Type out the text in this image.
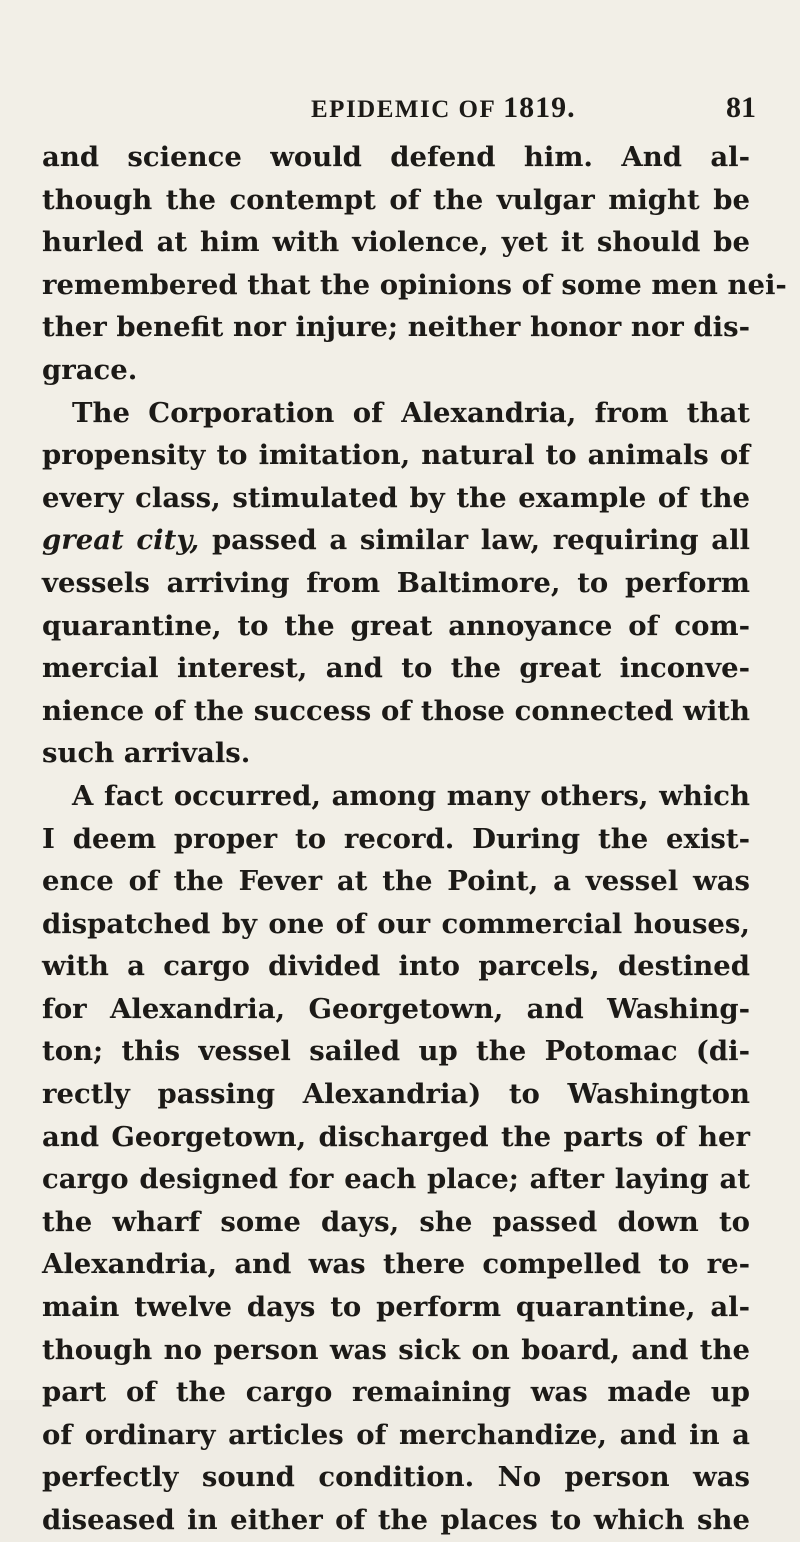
EPIDEMIC OF 1819.	81
and science would defend him. And al-
though the contempt of the vulgar might be
hurled at him with violence, yet it should be
remembered that the opinions of some men nei-
ther benefit nor injure; neither honor nor dis-
grace.
The Corporation of Alexandria, from that
propensity to imitation, natural to animals of
every class, stimulated by the example of the
great city, passed a similar law, requiring all
vessels arriving from Baltimore, to perform
quarantine, to the great annoyance of com-
mercial interest, and to the great inconve-
nience of the success of those connected with
such arrivals.
A fact occurred, among many others, which
I deem proper to record. During the exist-
ence of the Fever at the Point, a vessel was
dispatched by one of our commercial houses,
with a cargo divided into parcels, destined
for Alexandria, Georgetown, and Washing-
ton; this vessel sailed up the Potomac (di-
rectly passing Alexandria) to Washington
and Georgetown, discharged the parts of her
cargo designed for each place; after laying at
the wharf some days, she passed down to
Alexandria, and was there compelled to re-
main twelve days to perform quarantine, al-
though no person was sick on board, and the
part of the cargo remaining was made up
of ordinary articles of merchandize, and in a
perfectly sound condition. No person was
diseased in either of the places to which she
